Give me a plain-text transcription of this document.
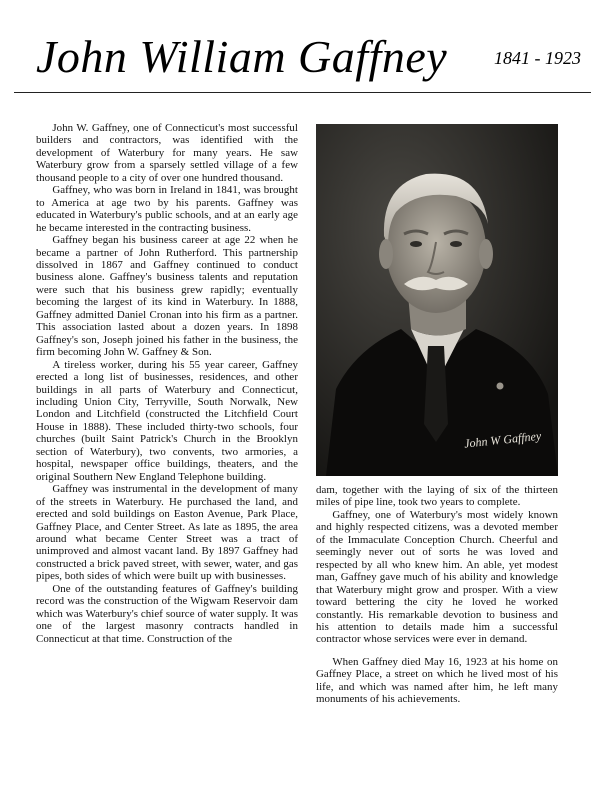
John William Gaffney	1841 - 1923

John W. Gaffney, one of Connecticut's most successful builders and contractors, was identified with the development of Waterbury for many years. He saw Waterbury grow from a sparsely settled village of a few thousand people to a city of over one hundred thousand.

Gaffney, who was born in Ireland in 1841, was brought to America at age two by his parents. Gaffney was educated in Waterbury's public schools, and at an early age he became interested in the contracting business.

Gaffney began his business career at age 22 when he became a partner of John Rutherford. This partnership dissolved in 1867 and Gaffney continued to conduct business alone. Gaffney's business talents and reputation were such that his business grew rapidly; eventually becoming the largest of its kind in Waterbury. In 1888, Gaffney admitted Daniel Cronan into his firm as a partner. This association lasted about a dozen years. In 1898 Gaffney's son, Joseph joined his father in the business, the firm becoming John W. Gaffney & Son.

A tireless worker, during his 55 year career, Gaffney erected a long list of businesses, residences, and other buildings in all parts of Waterbury and Connecticut, including Union City, Terryville, South Norwalk, New London and Litchfield (constructed the Litchfield Court House in 1888). These included thirty-two schools, four churches (built Saint Patrick's Church in the Brooklyn section of Waterbury), two convents, two armories, a hospital, newspaper office buildings, theaters, and the original Southern New England Telephone building.

Gaffney was instrumental in the development of many of the streets in Waterbury. He purchased the land, and erected and sold buildings on Easton Avenue, Park Place, Gaffney Place, and Center Street. As late as 1895, the area around what became Center Street was a tract of unimproved and almost vacant land. By 1897 Gaffney had constructed a brick paved street, with sewer, water, and gas pipes, both sides of which were built up with businesses.

One of the outstanding features of Gaffney's building record was the construction of the Wigwam Reservoir dam which was Waterbury's chief source of water supply. It was one of the largest masonry contracts handled in Connecticut at that time. Construction of the

John W Gaffney

dam, together with the laying of six of the thirteen miles of pipe line, took two years to complete.

Gaffney, one of Waterbury's most widely known and highly respected citizens, was a devoted member of the Immaculate Conception Church. Cheerful and seemingly never out of sorts he was loved and respected by all who knew him. An able, yet modest man, Gaffney gave much of his ability and knowledge that Waterbury might grow and prosper. With a view toward bettering the city he loved he worked constantly. His remarkable devotion to business and his attention to details made him a successful contractor whose services were ever in demand.

When Gaffney died May 16, 1923 at his home on Gaffney Place, a street on which he lived most of his life, and which was named after him, he left many monuments of his achievements.
